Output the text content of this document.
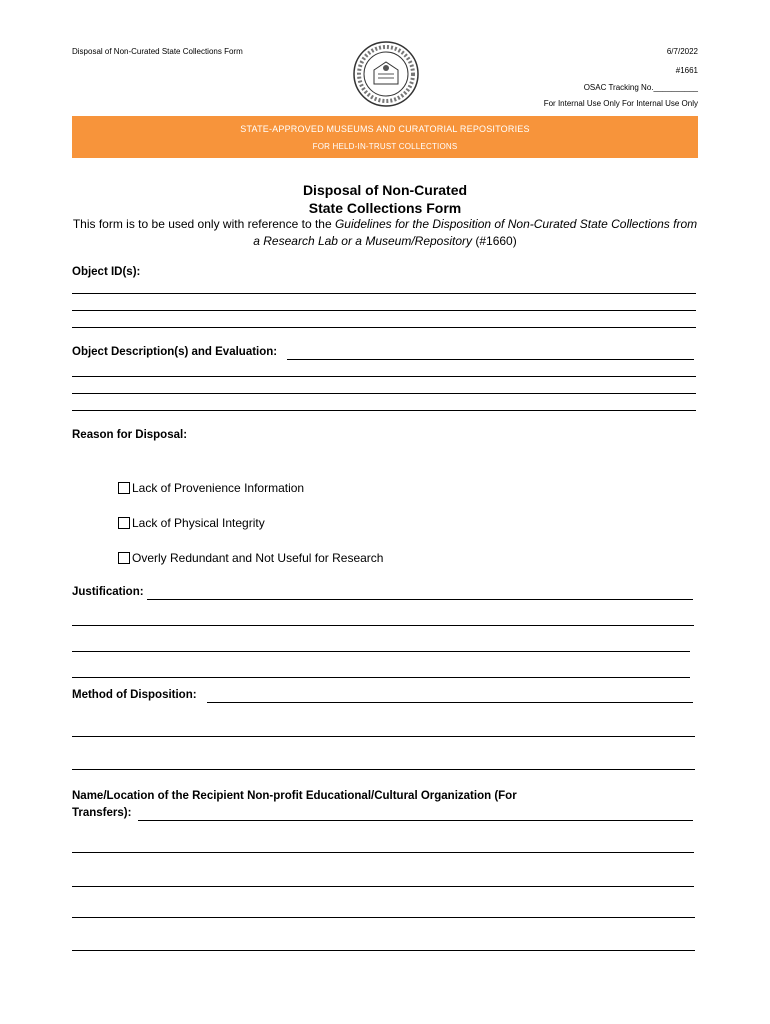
Disposal of Non-Curated State Collections Form	6/7/2022
#1661
OSAC Tracking No.__________
For Internal Use Only For Internal Use Only
STATE-APPROVED MUSEUMS AND CURATORIAL REPOSITORIES
FOR HELD-IN-TRUST COLLECTIONS
Disposal of Non-Curated
State Collections Form
This form is to be used only with reference to the Guidelines for the Disposition of Non-Curated State Collections from a Research Lab or a Museum/Repository (#1660)
Object ID(s):
Object Description(s) and Evaluation:
Reason for Disposal:
Lack of Provenience Information
Lack of Physical Integrity
Overly Redundant and Not Useful for Research
Justification:
Method of Disposition:
Name/Location of the Recipient Non-profit Educational/Cultural Organization (For
Transfers):
